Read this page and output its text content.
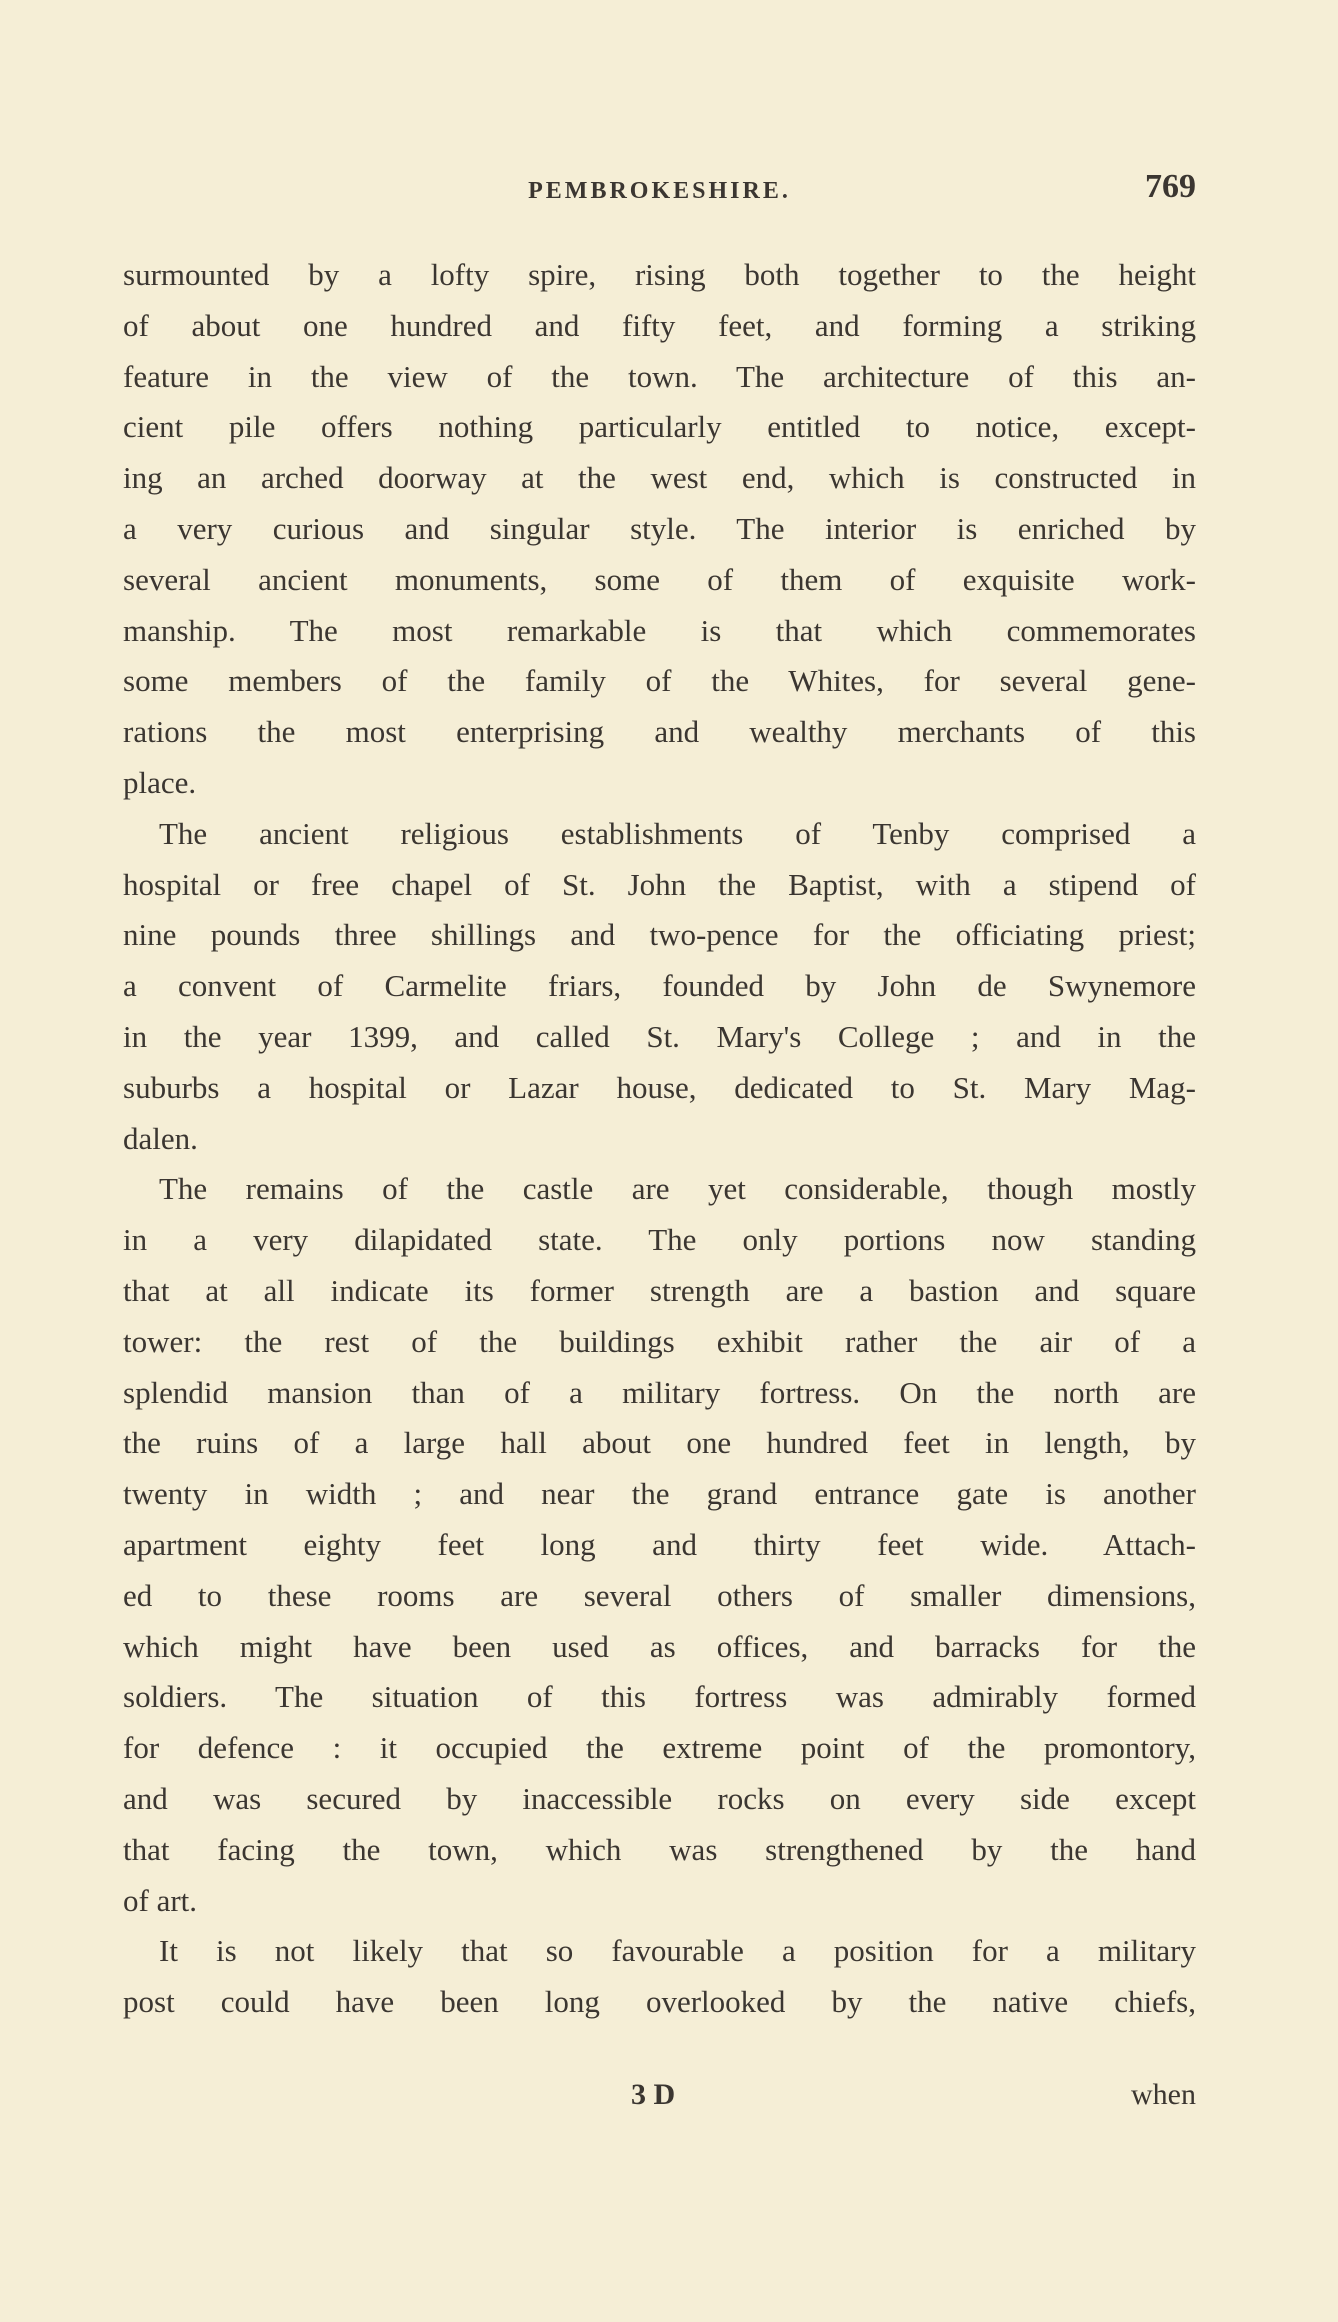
PEMBROKESHIRE.	769
surmounted by a lofty spire, rising both together to the height
of about one hundred and fifty feet, and forming a striking
feature in the view of the town. The architecture of this an-
cient pile offers nothing particularly entitled to notice, except-
ing an arched doorway at the west end, which is constructed in
a very curious and singular style. The interior is enriched by
several ancient monuments, some of them of exquisite work-
manship. The most remarkable is that which commemorates
some members of the family of the Whites, for several gene-
rations the most enterprising and wealthy merchants of this
place.
The ancient religious establishments of Tenby comprised a
hospital or free chapel of St. John the Baptist, with a stipend of
nine pounds three shillings and two-pence for the officiating priest;
a convent of Carmelite friars, founded by John de Swynemore
in the year 1399, and called St. Mary's College ; and in the
suburbs a hospital or Lazar house, dedicated to St. Mary Mag-
dalen.
The remains of the castle are yet considerable, though mostly
in a very dilapidated state. The only portions now standing
that at all indicate its former strength are a bastion and square
tower: the rest of the buildings exhibit rather the air of a
splendid mansion than of a military fortress. On the north are
the ruins of a large hall about one hundred feet in length, by
twenty in width ; and near the grand entrance gate is another
apartment eighty feet long and thirty feet wide. Attach-
ed to these rooms are several others of smaller dimensions,
which might have been used as offices, and barracks for the
soldiers. The situation of this fortress was admirably formed
for defence : it occupied the extreme point of the promontory,
and was secured by inaccessible rocks on every side except
that facing the town, which was strengthened by the hand
of art.
It is not likely that so favourable a position for a military
post could have been long overlooked by the native chiefs,
3 D	when
